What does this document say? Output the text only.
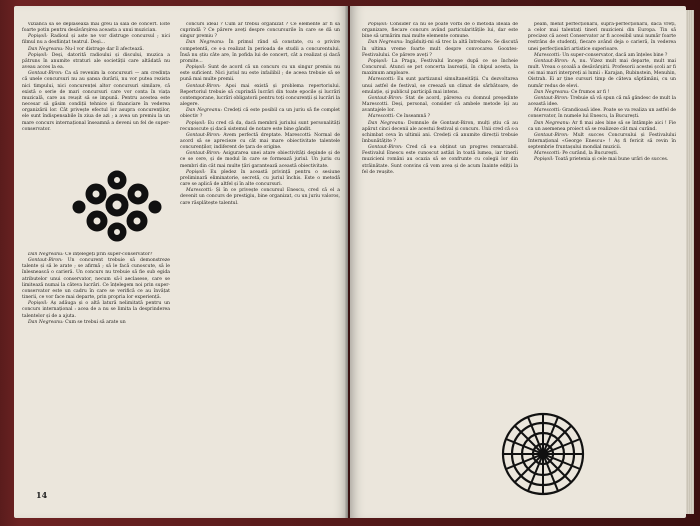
vizianca să se deplaseaxă mai greu la sala de concert. Este foarte potin pentru desăvârșirea aceasta a unui muzician.

Popișoil: Radioul și aste ne vor distruge concursul ; nici filmul nu a desființat teatrul. Deși...

Dan Negreanu: Nu-l vor distruge dar îl afectează.

Popișoil: Deși, datorită radioului și discului, muzica a pătruns în anumite straturi ale societății care altădată nu aveau acces la ea.

Gontaut-Biron: Ca să revenim la concursuri — am credința că unele concursuri nu au șansa durării, nu vor putea rezista nici timpului, nici concurenței altor concursuri similare, că există o serie de mari concursuri care vor conta în viața muzicală, care au reușit să se impună. Pentru acestea este necesar să găsim condiții tehnice și financiare în vederea organizării lor. Cât privește efectul lor asupra concurenților, ele sunt îndispensabile în ziua de azi ; a avea un premiu la un mare concurs internațional înseamnă a deveni un fel de super-conservator.

Dan Negreanu: Ce înțelegeți prin super-conservator?

Gontaut-Biron: Un concurent trebuie să demonstreze talente și să le arate ; se afirmă ; să le facă cunoscute, să le înlesnească o carieră. Un concurs nu trebuie să fie sub egida atributelor unui conservator, necum să-l aeclasese, care se limitează numai la câteva lucrări. Ce înțelegem noi prin super-conservator este un cadru în care se verifică ce au învățat tinerii, ce vor face mai departe, prin propria lor experiență.

Popișoil: Aș adăuga și o altă latură nelimitată pentru un concurs internațional : acea de a nu se limita la desprinderea talentelor și de a ajuta.

Dan Negreanu: Cum se trebui să arate un

concurs ideal ? Cum ar trebui organizat ? Ce elemente ar fi să cuprindă ? Ce părere aveți despre concursurile în care se dă un singur premiu ?

Dan Negreanu: În primul rând să constate, cu o privire competentă, ce s-a realizat în perioada de studii a concurentului. Însă nu știu câte are, în pofida lui de concert, cât a realizat și dacă promite...

Popișoil: Sunt de acord că un concurs cu un singur premiu nu este suficient. Nici juriul nu este infailibil ; de aceea trebuie să se pună mai multe premii.

Gontaut-Biron: Apoi mai există și problema repertoriului. Repertoriul trebuie să cuprindă lucrări din toate epocile și lucrări contemporane, lucrări obligatorii pentru toți concurenții și lucrări la alegere.

Dan Negreanu: Credeți că este posibil ca un juriu să fie complet obiectiv ?

Popișoil: Eu cred că da, dacă membrii juriului sunt personalități recunoscute și dacă sistemul de notare este bine gândit.

Gontaut-Biron: Avem perfectă dreptate. Marescotti: Normal de acord să se aprecieze cu cât mai mare obiectivitate talentele concurenților, indiferent de țara de origine.

Gontaut-Biron: Asigurarea unei atare obiectivități depinde și de ce se cere, și de modul în care se formează juriul. Un juriu cu membri din cât mai multe țări garantează această obiectivitate.

Popișoil: Eu pledez în această privință pentru o sesiune preliminară eliminatorie, secretă, cu juriul închis. Este o metodă care se aplică de altfel și în alte concursuri.

Marescotti: Și în ce privește concursul Enescu, cred că el a devenit un concurs de prestigiu, bine organizat, cu un juriu valoros, care răsplătește talentul.

14

Popișoil: Consider că nu se poate vorbi de o metodă ideală de organizare, fiecare concurs având particularitățile lui, dar este bine să urmărim mai multe elemente comune.

Dan Negreanu: Ingăduiți-mi să trec la altă întrebare. Se discută în ultima vreme foarte mult despre convocarea Gooxtes-Festivalului. Ce părere aveți ?

Popișoil: La Praga, Festivalul începe după ce se încheie Concursul. Atunci se pot concerta laureații, în chipul acesta, la maximum amploare.

Marescotti: Eu sunt partizanul simultaneității. Cu dezvoltarea unui astfel de festival, se creează un climat de sărbătoare, de emulație, și publicul participă mai intens.

Gontaut-Biron: Stat de acord, părerea cu domnul președinte Marescotti. Deși, personal, consider că ambele metode își au avantajele lor.

Marescotti: Ce înseamnă ?

Dan Negreanu: Domnule de Gontaut-Biron, mulți știu că au apărut cinci decenii ale acestui festival și concurs. Unii cred că s-a schimbat ceva în ultimii ani. Credeți că anumite direcții trebuie îmbunătățite ?

Gontaut-Biron: Cred că s-a obținut un progres remarcabil. Festivalul Enescu este cunoscut astăzi în toată lumea, iar tinerii muzicieni români au ocazia să se confrunte cu colegii lor din străinătate. Sunt convins că vom avea și de acum înainte ediții la fel de reușite.

peam, menit perfecționării, supra-perfecționării, dacă vreți, a celor mai talentați tineri muzicieni din Europa. Tin să precizez că acest Conservator ar fi accesibil unui număr foarte restrâns de studenți, fiecare având deja o carieră, în vederea unei perfecționări artistice superioare.

Marescotti: Un super-conservator, dacă am înțeles bine ?

Gontaut-Biron: A, nu. Vizez mult mai departe, mult mai mult. Vreau o școală a desăvârșirii. Profesorii acestei școli ar fi cei mai mari interpreți ai lumii : Karajan, Rubinstein, Menuhin, Oistrah. Ei ar ține cursuri timp de câteva săptămâni, cu un număr redus de elevi.

Dan Negreanu: Ce frumos ar fi !

Gontaut-Biron: Trebuie să vă spun că mă gândesc de mult la această idee.

Marescotti: Grandioasă idee. Poate se va realiza un astfel de conservator, în numele lui Enescu, la București.

Dan Negreanu: Ar fi mai ales bine să se întâmple aici ! Fie ca un asemenea proiect să se realizeze cât mai curând.

Gontaut-Biron: Mult succes Concursului și Festivalului Internațional «George Enescu» ! Aș fi fericit să revin în septembrie fruntașului mondial muzicii.

Marescotti: Pe curând, la București.

Popișoil: Toată prietenia și cele mai bune urări de succes.
